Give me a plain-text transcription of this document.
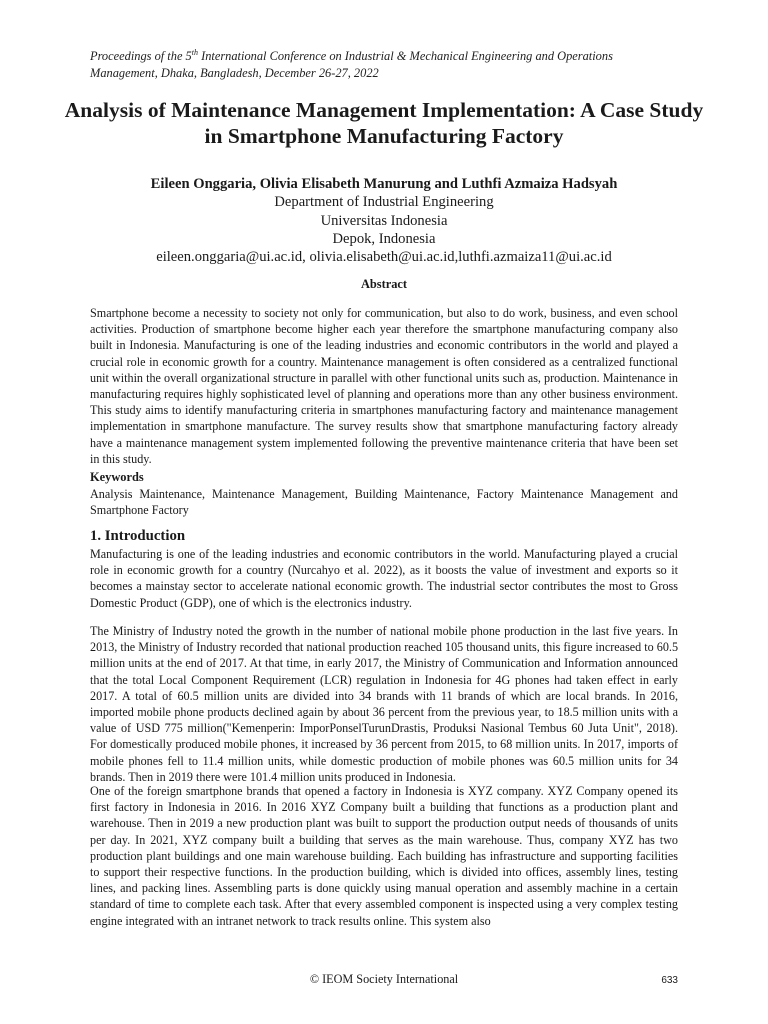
Proceedings of the 5th International Conference on Industrial & Mechanical Engineering and Operations
Management, Dhaka, Bangladesh, December 26-27, 2022
Analysis of Maintenance Management Implementation: A Case Study in Smartphone Manufacturing Factory
Eileen Onggaria, Olivia Elisabeth Manurung and Luthfi Azmaiza Hadsyah
Department of Industrial Engineering
Universitas Indonesia
Depok, Indonesia
eileen.onggaria@ui.ac.id, olivia.elisabeth@ui.ac.id,luthfi.azmaiza11@ui.ac.id
Abstract

Smartphone become a necessity to society not only for communication, but also to do work, business, and even school activities. Production of smartphone become higher each year therefore the smartphone manufacturing company also built in Indonesia. Manufacturing is one of the leading industries and economic contributors in the world and played a crucial role in economic growth for a country. Maintenance management is often considered as a centralized functional unit within the overall organizational structure in parallel with other functional units such as, production. Maintenance in manufacturing requires highly sophisticated level of planning and operations more than any other business environment. This study aims to identify manufacturing criteria in smartphones manufacturing factory and maintenance management implementation in smartphone manufacture. The survey results show that smartphone manufacturing factory already have a maintenance management system implemented following the preventive maintenance criteria that have been set in this study.

Keywords

Analysis Maintenance, Maintenance Management, Building Maintenance, Factory Maintenance Management and Smartphone Factory

1. Introduction

Manufacturing is one of the leading industries and economic contributors in the world. Manufacturing played a crucial role in economic growth for a country (Nurcahyo et al. 2022), as it boosts the value of investment and exports so it becomes a mainstay sector to accelerate national economic growth. The industrial sector contributes the most to Gross Domestic Product (GDP), one of which is the electronics industry.

The Ministry of Industry noted the growth in the number of national mobile phone production in the last five years. In 2013, the Ministry of Industry recorded that national production reached 105 thousand units, this figure increased to 60.5 million units at the end of 2017. At that time, in early 2017, the Ministry of Communication and Information announced that the total Local Component Requirement (LCR) regulation in Indonesia for 4G phones had taken effect in early 2017. A total of 60.5 million units are divided into 34 brands with 11 brands of which are local brands. In 2016, imported mobile phone products declined again by about 36 percent from the previous year, to 18.5 million units with a value of USD 775 million("Kemenperin: ImporPonselTurunDrastis, Produksi Nasional Tembus 60 Juta Unit", 2018). For domestically produced mobile phones, it increased by 36 percent from 2015, to 68 million units. In 2017, imports of mobile phones fell to 11.4 million units, while domestic production of mobile phones was 60.5 million units for 34 brands. Then in 2019 there were 101.4 million units produced in Indonesia.

One of the foreign smartphone brands that opened a factory in Indonesia is XYZ company. XYZ Company opened its first factory in Indonesia in 2016. In 2016 XYZ Company built a building that functions as a production plant and warehouse. Then in 2019 a new production plant was built to support the production output needs of thousands of units per day. In 2021, XYZ company built a building that serves as the main warehouse. Thus, company XYZ has two production plant buildings and one main warehouse building. Each building has infrastructure and supporting facilities to support their respective functions. In the production building, which is divided into offices, assembly lines, testing lines, and packing lines. Assembling parts is done quickly using manual operation and assembly machine in a certain standard of time to complete each task. After that every assembled component is inspected using a very complex testing engine integrated with an intranet network to track results online. This system also

© IEOM Society International	633
